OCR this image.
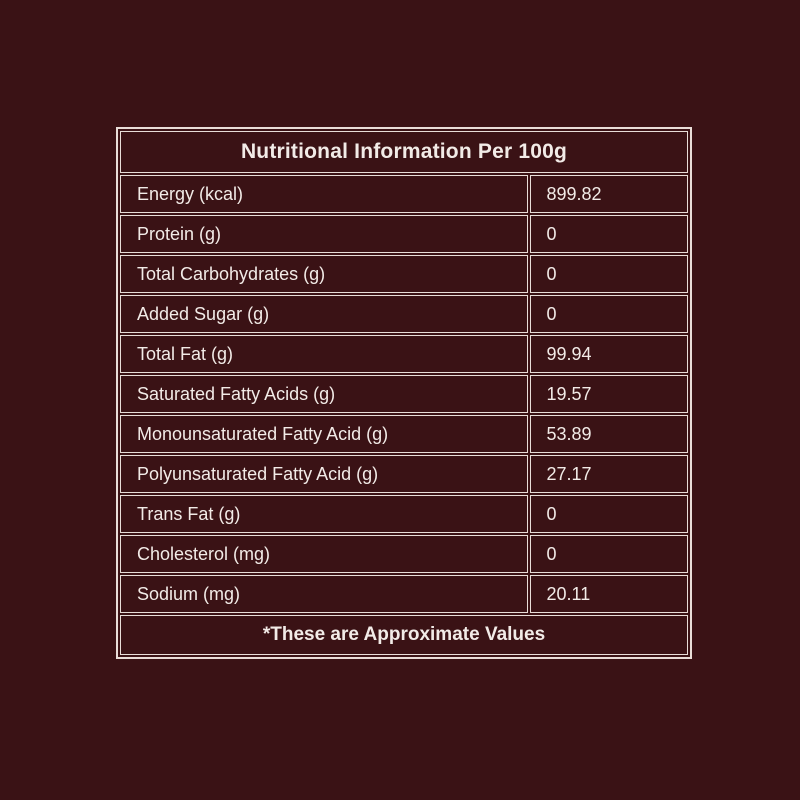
Nutritional Information Per 100g	
Energy (kcal)	899.82
Protein (g)	0
Total Carbohydrates (g)	0
Added Sugar (g)	0
Total Fat (g)	99.94
Saturated Fatty Acids (g)	19.57
Monounsaturated Fatty Acid (g)	53.89
Polyunsaturated Fatty Acid (g)	27.17
Trans Fat (g)	0
Cholesterol (mg)	0
Sodium (mg)	20.11
*These are Approximate Values	
